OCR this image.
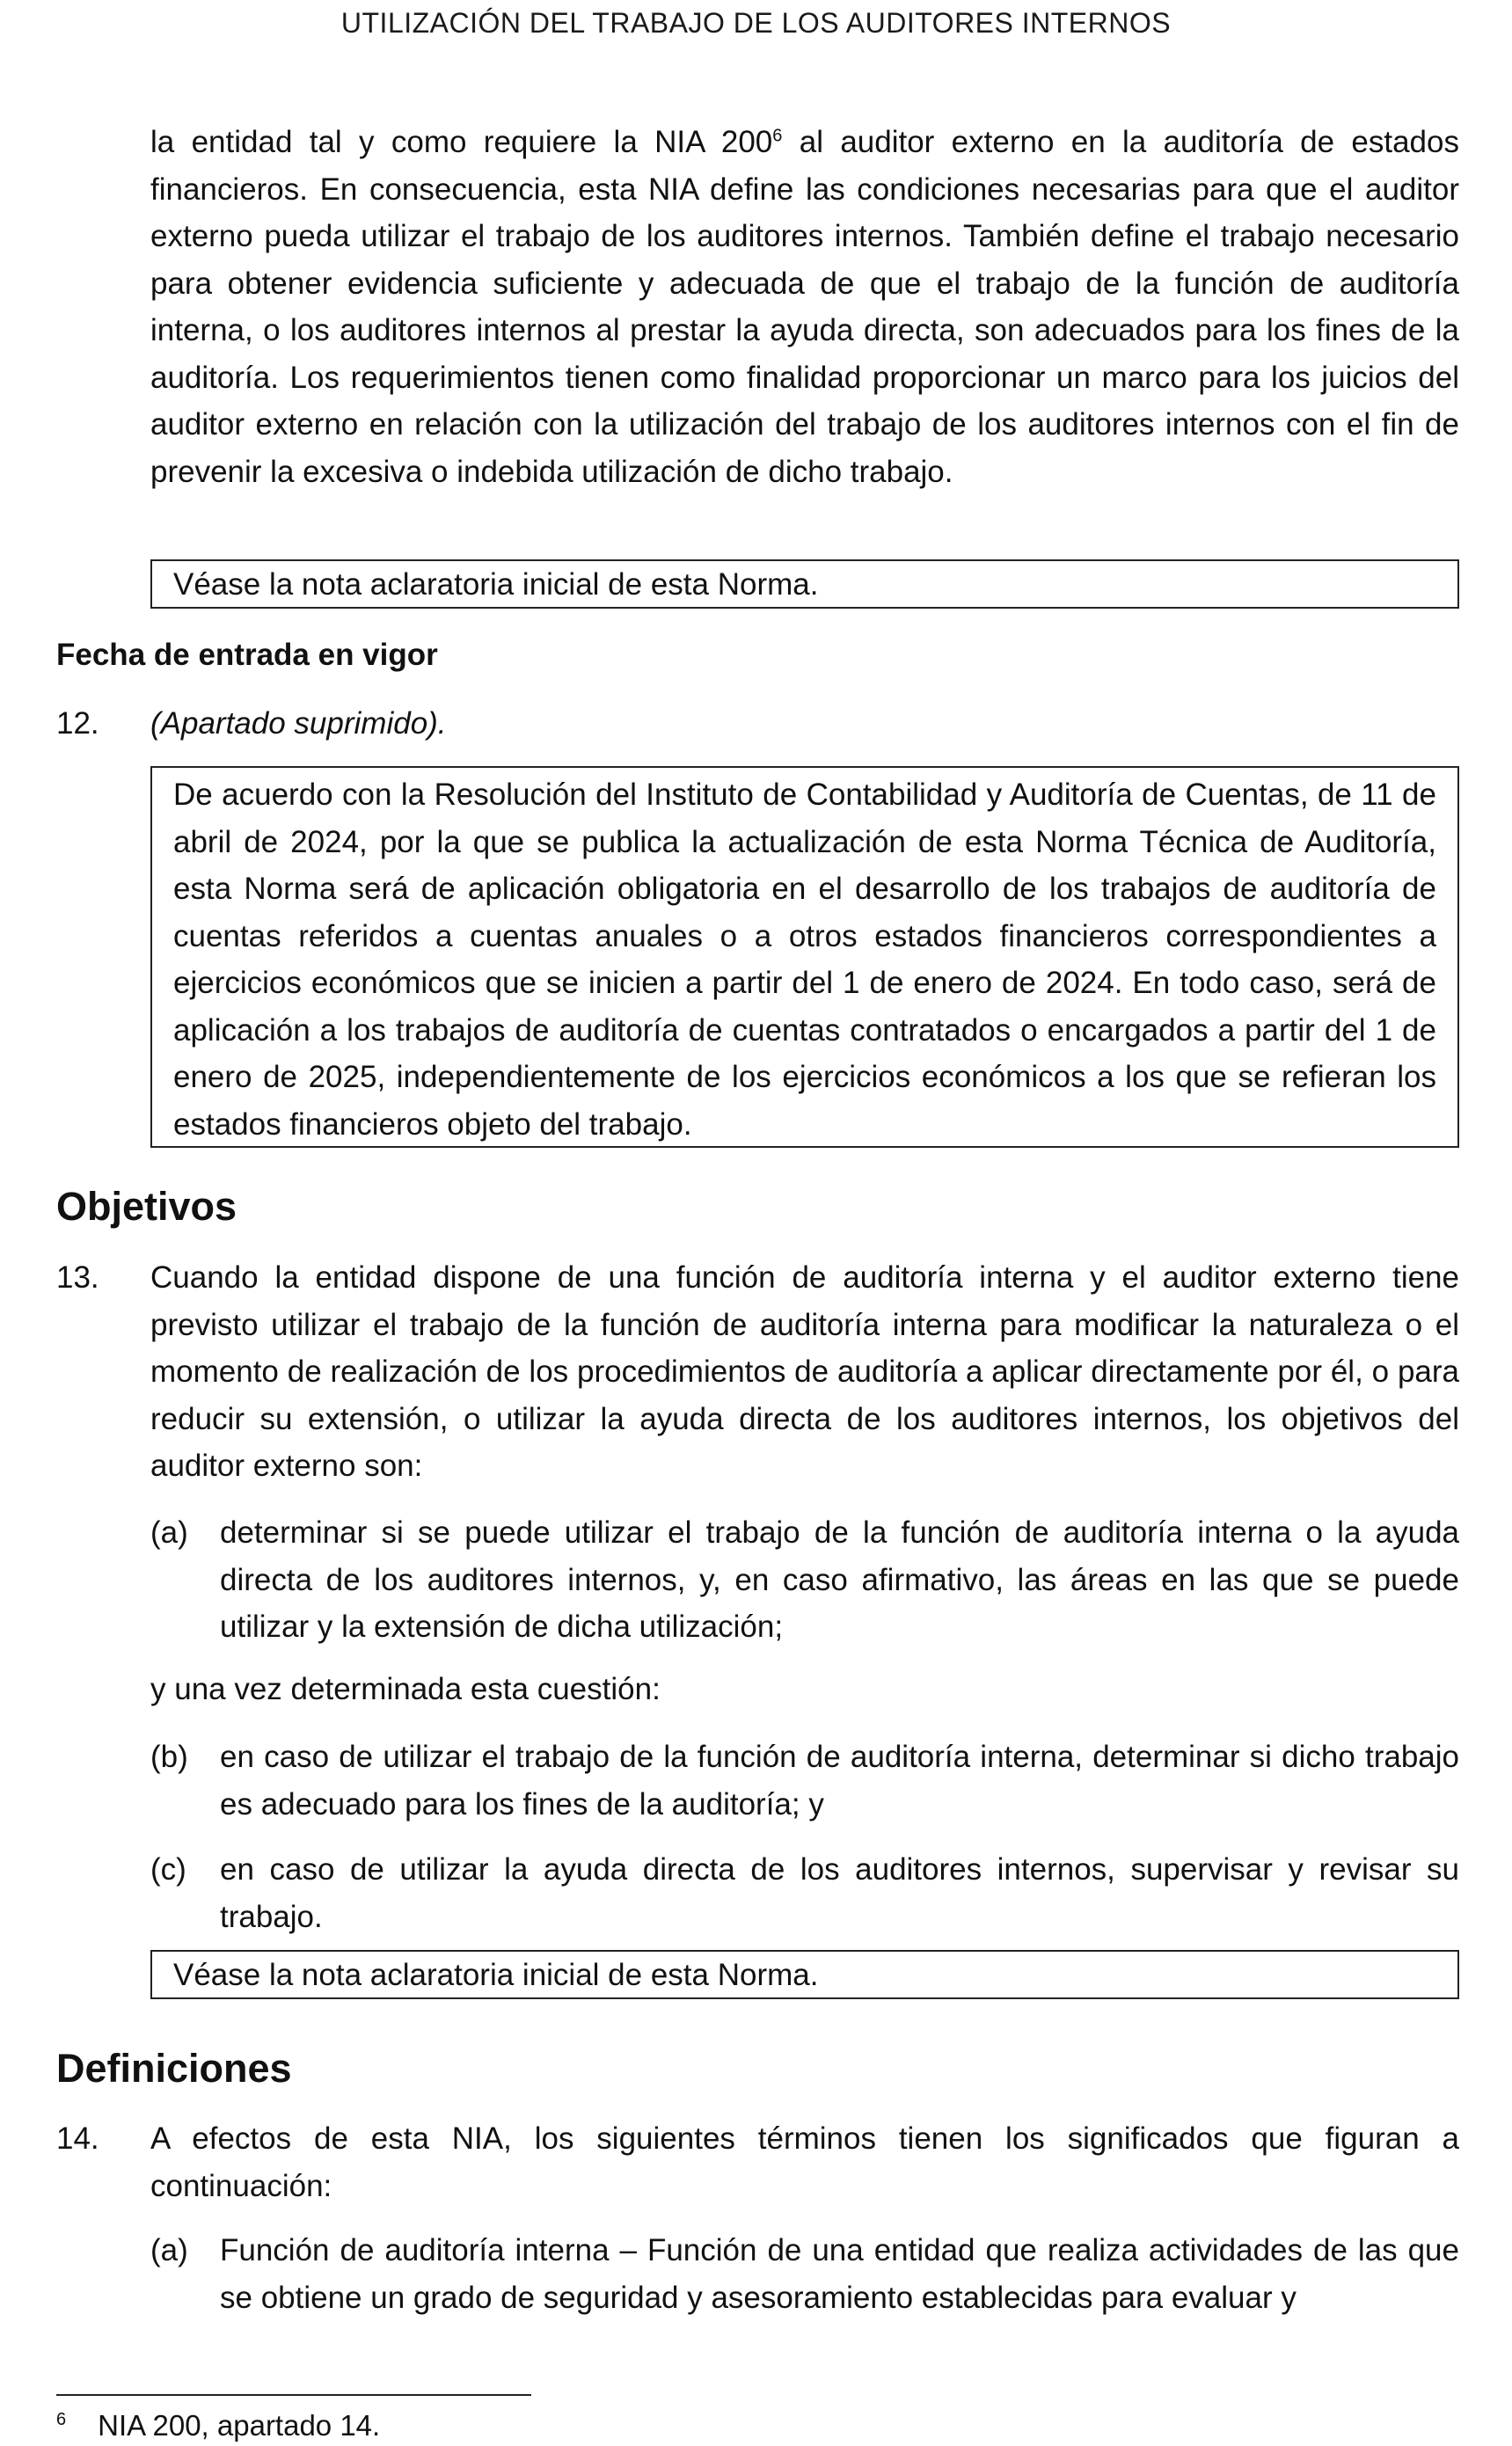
UTILIZACIÓN DEL TRABAJO DE LOS AUDITORES INTERNOS
la entidad tal y como requiere la NIA $200^6$ al auditor externo en la auditoría de estados financieros. En consecuencia, esta NIA define las condiciones necesarias para que el auditor externo pueda utilizar el trabajo de los auditores internos. También define el trabajo necesario para obtener evidencia suficiente y adecuada de que el trabajo de la función de auditoría interna, o los auditores internos al prestar la ayuda directa, son adecuados para los fines de la auditoría. Los requerimientos tienen como finalidad proporcionar un marco para los juicios del auditor externo en relación con la utilización del trabajo de los auditores internos con el fin de prevenir la excesiva o indebida utilización de dicho trabajo.
Véase la nota aclaratoria inicial de esta Norma.
Fecha de entrada en vigor
12. (Apartado suprimido).
De acuerdo con la Resolución del Instituto de Contabilidad y Auditoría de Cuentas, de 11 de abril de 2024, por la que se publica la actualización de esta Norma Técnica de Auditoría, esta Norma será de aplicación obligatoria en el desarrollo de los trabajos de auditoría de cuentas referidos a cuentas anuales o a otros estados financieros correspondientes a ejercicios económicos que se inicien a partir del 1 de enero de 2024. En todo caso, será de aplicación a los trabajos de auditoría de cuentas contratados o encargados a partir del 1 de enero de 2025, independientemente de los ejercicios económicos a los que se refieran los estados financieros objeto del trabajo.
Objetivos
13. Cuando la entidad dispone de una función de auditoría interna y el auditor externo tiene previsto utilizar el trabajo de la función de auditoría interna para modificar la naturaleza o el momento de realización de los procedimientos de auditoría a aplicar directamente por él, o para reducir su extensión, o utilizar la ayuda directa de los auditores internos, los objetivos del auditor externo son:
(a) determinar si se puede utilizar el trabajo de la función de auditoría interna o la ayuda directa de los auditores internos, y, en caso afirmativo, las áreas en las que se puede utilizar y la extensión de dicha utilización;
y una vez determinada esta cuestión:
(b) en caso de utilizar el trabajo de la función de auditoría interna, determinar si dicho trabajo es adecuado para los fines de la auditoría; y
(c) en caso de utilizar la ayuda directa de los auditores internos, supervisar y revisar su trabajo.
Véase la nota aclaratoria inicial de esta Norma.
Definiciones
14. A efectos de esta NIA, los siguientes términos tienen los significados que figuran a continuación:
(a) Función de auditoría interna – Función de una entidad que realiza actividades de las que se obtiene un grado de seguridad y asesoramiento establecidas para evaluar y
$^6$ NIA 200, apartado 14.
